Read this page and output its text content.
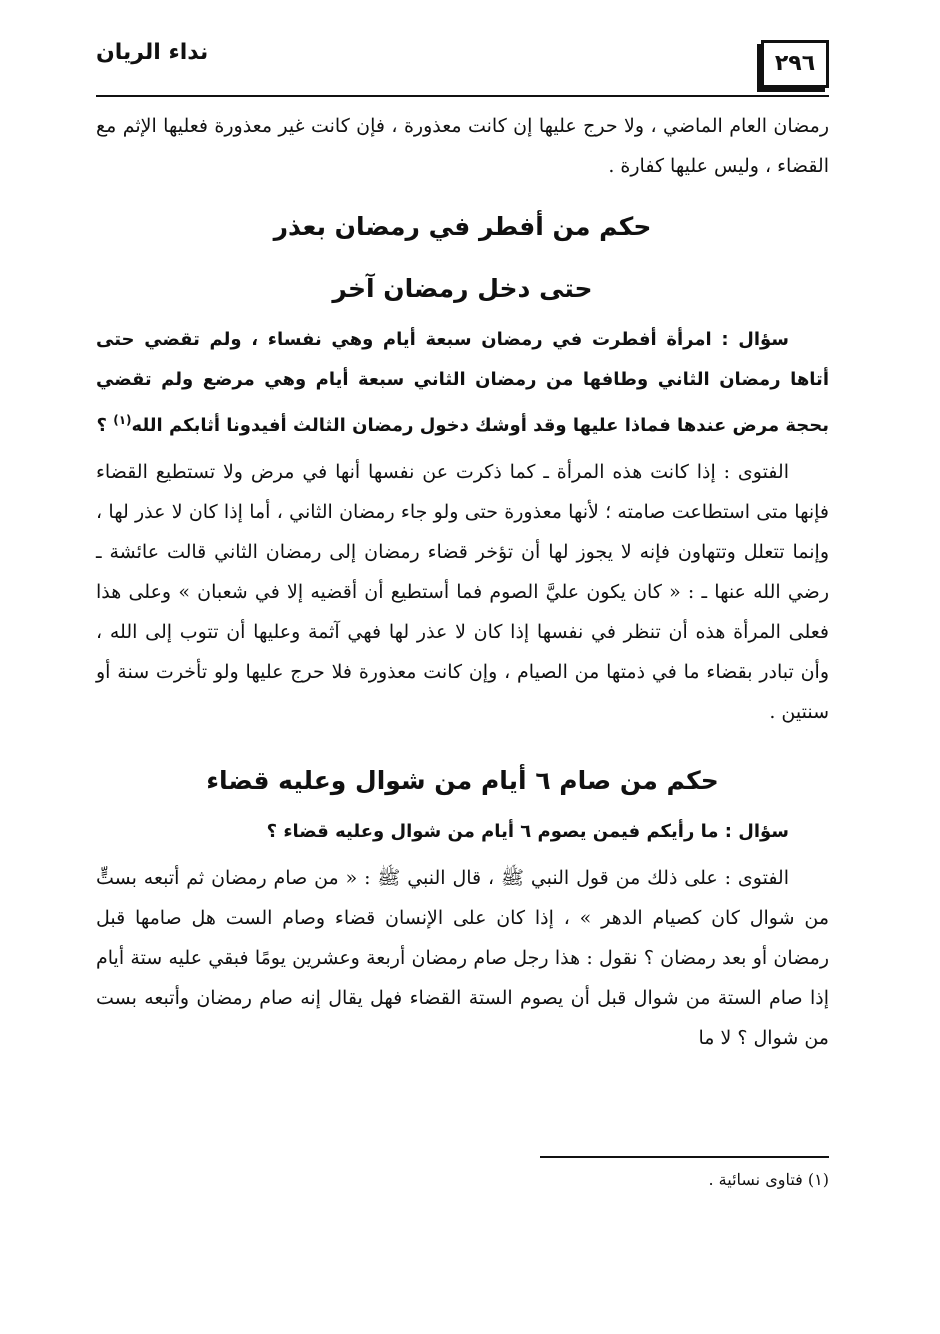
٢٩٦
نداء الريان

رمضان العام الماضي ، ولا حرج عليها إن كانت معذورة ، فإن كانت غير معذورة فعليها الإثم مع القضاء ، وليس عليها كفارة .

حكم من أفطر في رمضان بعذر
حتى دخل رمضان آخر

سؤال : امرأة أفطرت في رمضان سبعة أيام وهي نفساء ، ولم تقضي حتى أتاها رمضان الثاني وطافها من رمضان الثاني سبعة أيام وهي مرضع ولم تقضي بحجة مرض عندها فماذا عليها وقد أوشك دخول رمضان الثالث أفيدونا أثابكم الله$^{(١)}$ ؟

الفتوى : إذا كانت هذه المرأة ـ كما ذكرت عن نفسها أنها في مرض ولا تستطيع القضاء فإنها متى استطاعت صامته ؛ لأنها معذورة حتى ولو جاء رمضان الثاني ، أما إذا كان لا عذر لها ، وإنما تتعلل وتتهاون فإنه لا يجوز لها أن تؤخر قضاء رمضان إلى رمضان الثاني قالت عائشة ـ رضي الله عنها ـ : « كان يكون عليَّ الصوم فما أستطيع أن أقضيه إلا في شعبان » وعلى هذا فعلى المرأة هذه أن تنظر في نفسها إذا كان لا عذر لها فهي آثمة وعليها أن تتوب إلى الله ، وأن تبادر بقضاء ما في ذمتها من الصيام ، وإن كانت معذورة فلا حرج عليها ولو تأخرت سنة أو سنتين .

حكم من صام ٦ أيام من شوال وعليه قضاء

سؤال : ما رأيكم فيمن يصوم ٦ أيام من شوال وعليه قضاء ؟

الفتوى : على ذلك من قول النبي ﷺ ، قال النبي ﷺ : « من صام رمضان ثم أتبعه بستٍّ من شوال كان كصيام الدهر » ، إذا كان على الإنسان قضاء وصام الست هل صامها قبل رمضان أو بعد رمضان ؟ نقول : هذا رجل صام رمضان أربعة وعشرين يومًا فبقي عليه ستة أيام إذا صام الستة من شوال قبل أن يصوم الستة القضاء فهل يقال إنه صام رمضان وأتبعه بست من شوال ؟ لا ما

(١) فتاوى نسائية .
